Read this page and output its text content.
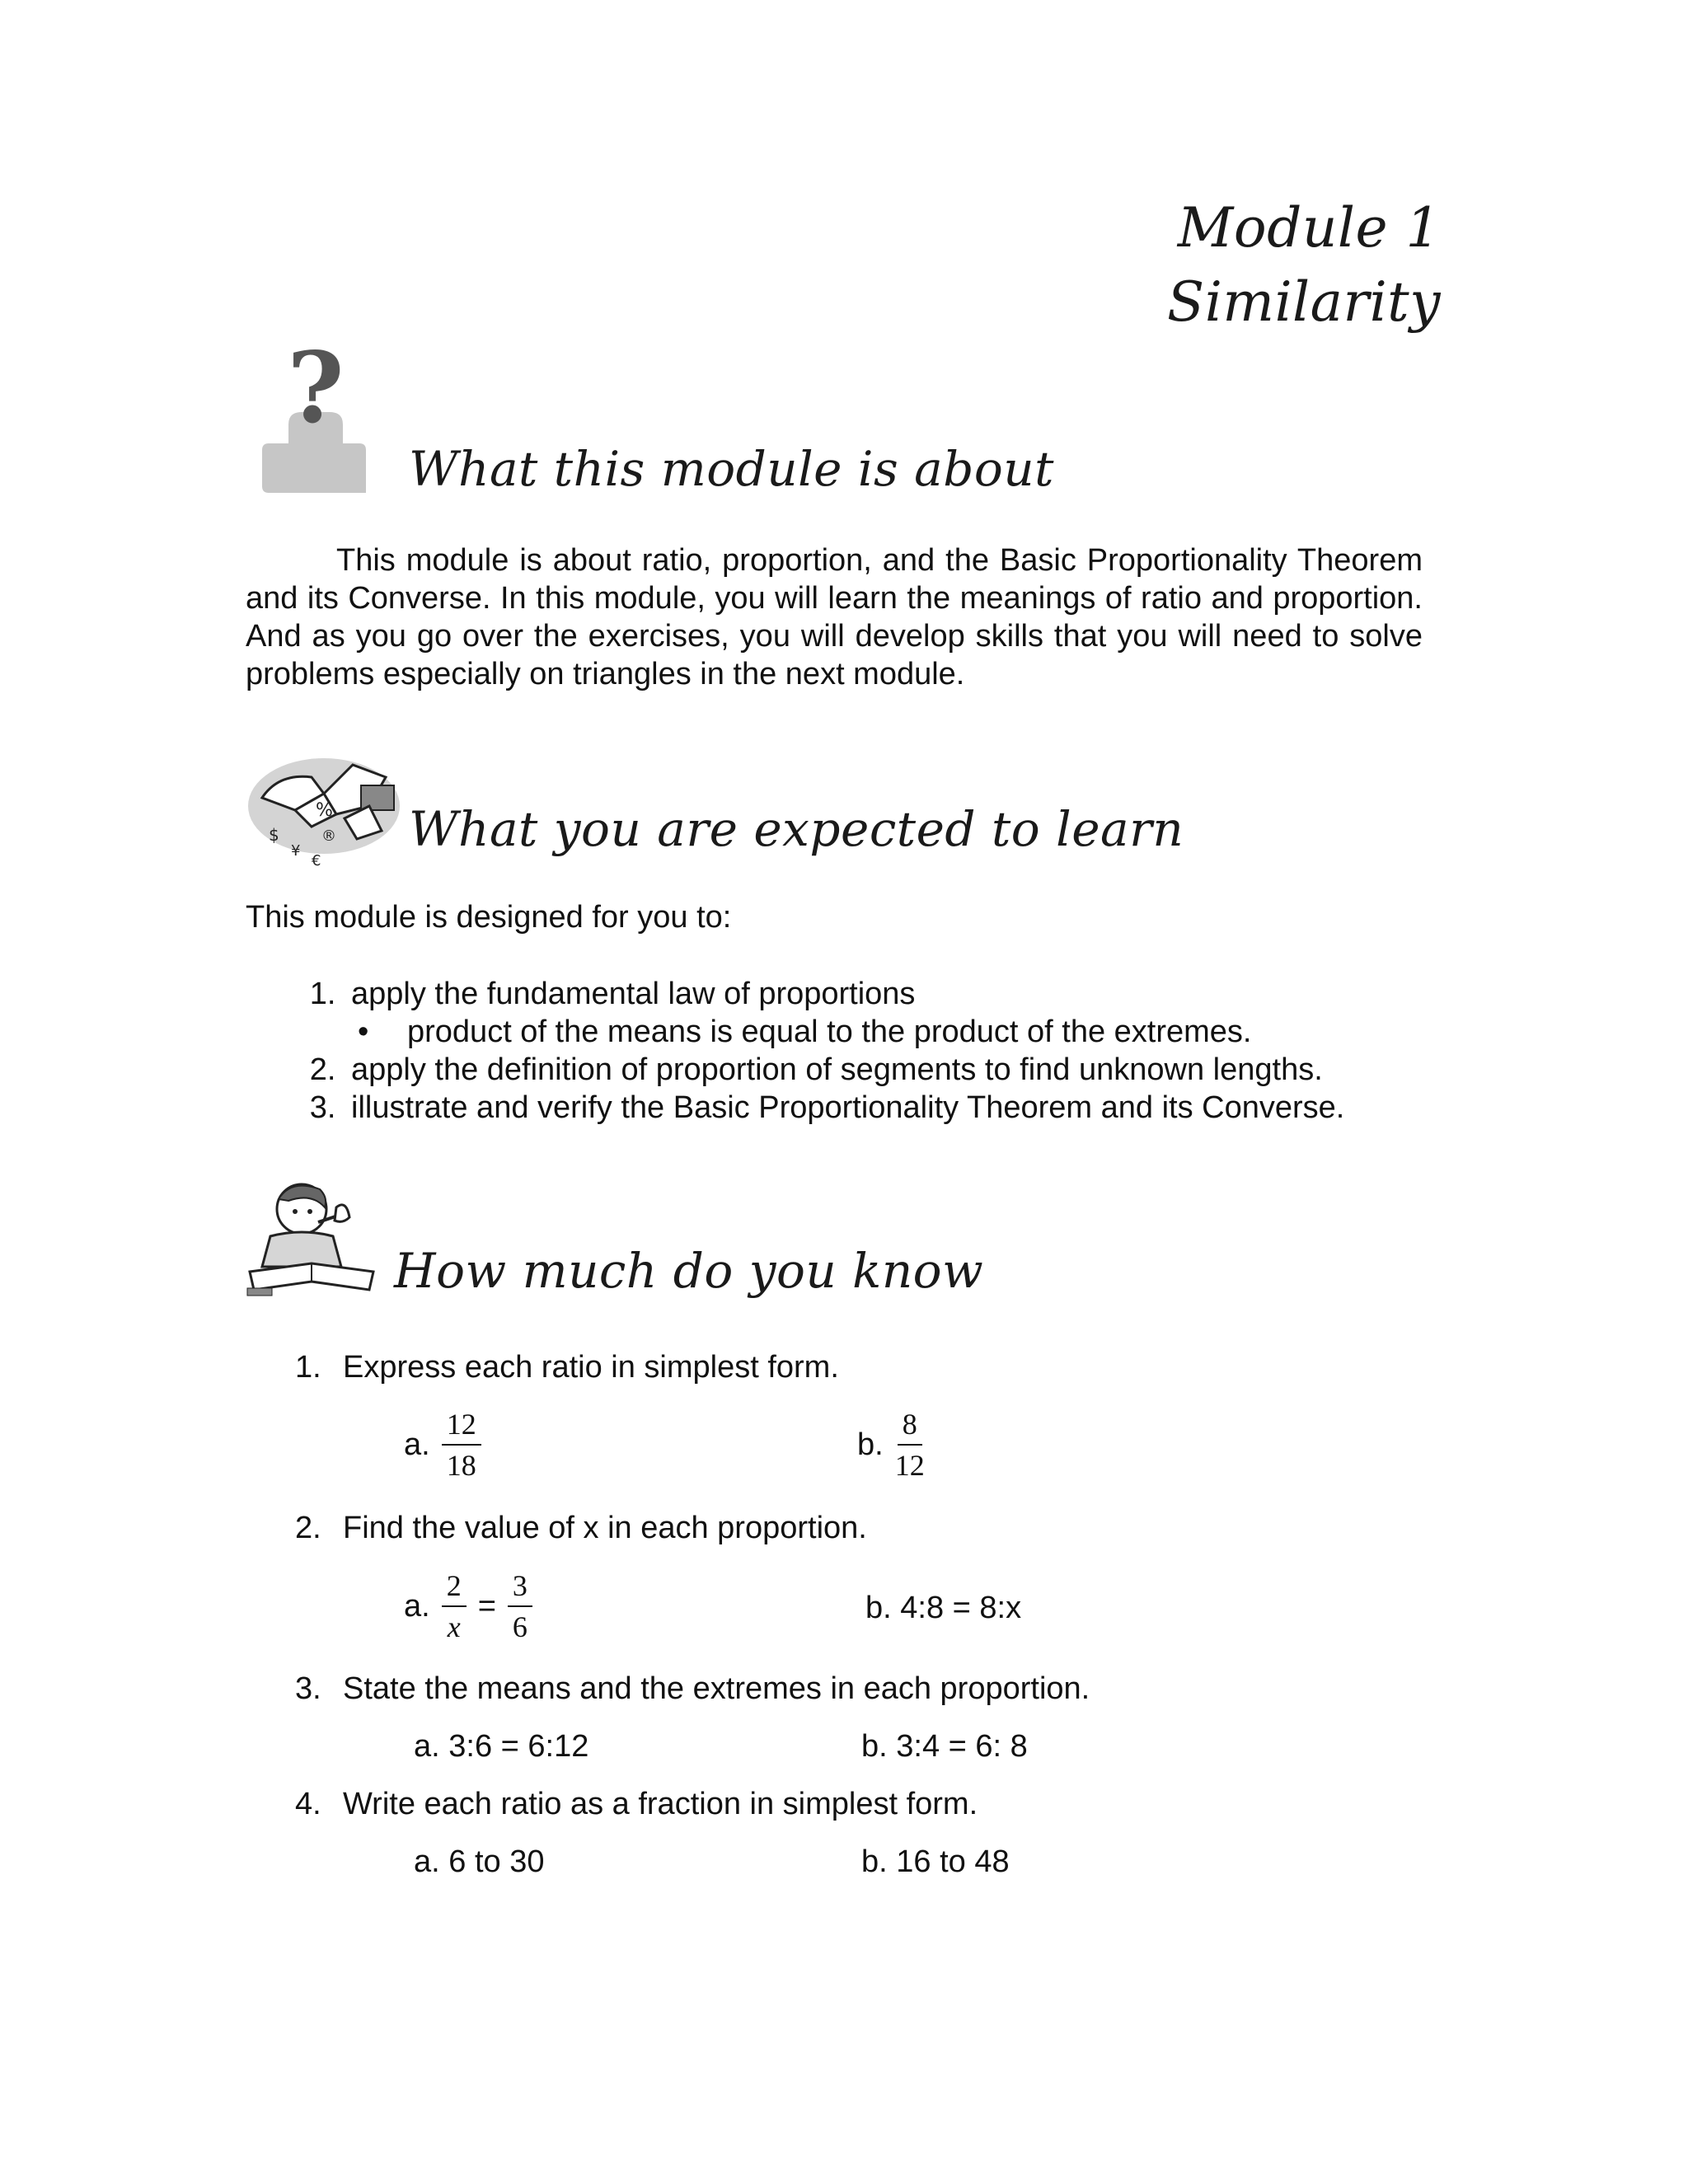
Module 1
Similarity
?
What this module is about

This module is about ratio, proportion, and the Basic Proportionality Theorem and its Converse. In this module, you will learn the meanings of ratio and proportion. And as you go over the exercises, you will develop skills that you will need to solve problems especially on triangles in the next module.

%
$
¥
€
® What you are expected to learn
This module is designed for you to:
1. apply the fundamental law of proportions
• product of the means is equal to the product of the extremes.
2. apply the definition of proportion of segments to find unknown lengths.
3. illustrate and verify the Basic Proportionality Theorem and its Converse.
How much do you know
1. Express each ratio in simplest form.
a. $\frac{12}{18}$	b. $\frac{8}{12}$
2. Find the value of x in each proportion.
a. $\frac{2}{x} = \frac{3}{6}$	b. 4:8 = 8:x
3. State the means and the extremes in each proportion.
a. 3:6 = 6:12	b. 3:4 = 6: 8
4. Write each ratio as a fraction in simplest form.
a. 6 to 30	b. 16 to 48
